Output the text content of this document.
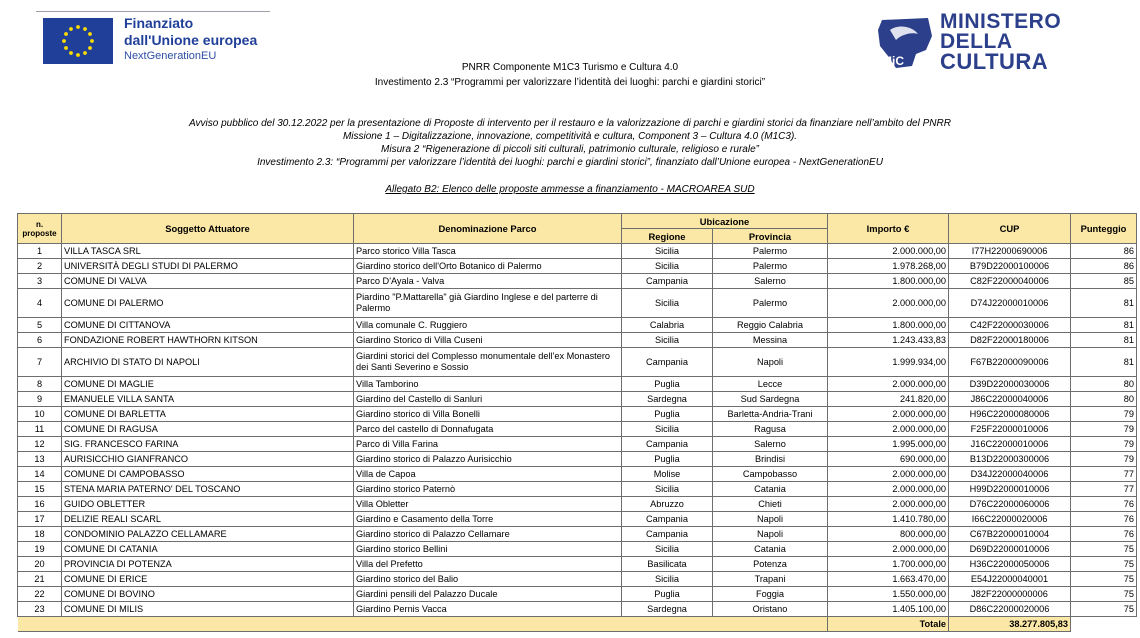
Finanziato
dall'Unione europea
NextGenerationEU	MiC
MINISTERO
DELLA
CULTURA
PNRR Componente M1C3 Turismo e Cultura 4.0
Investimento 2.3 “Programmi per valorizzare l’identità dei luoghi: parchi e giardini storici”
Avviso pubblico del 30.12.2022 per la presentazione di Proposte di intervento per il restauro e la valorizzazione di parchi e giardini storici da finanziare nell’ambito del PNRR
Missione 1 – Digitalizzazione, innovazione, competitività e cultura, Component 3 – Cultura 4.0 (M1C3).
Misura 2 “Rigenerazione di piccoli siti culturali, patrimonio culturale, religioso e rurale”
Investimento 2.3: “Programmi per valorizzare l’identità dei luoghi: parchi e giardini storici”, finanziato dall’Unione europea - NextGenerationEU
Allegato B2: Elenco delle proposte ammesse a finanziamento - MACROAREA SUD
n. proposte	Soggetto Attuatore	Denominazione Parco	Ubicazione		Importo €	CUP	Punteggio
			Regione	Provincia			
1	VILLA TASCA SRL	Parco storico Villa Tasca	Sicilia	Palermo	2.000.000,00	I77H22000690006	86
2	UNIVERSITÀ DEGLI STUDI DI PALERMO	Giardino storico dell'Orto Botanico di Palermo	Sicilia	Palermo	1.978.268,00	B79D22000100006	86
3	COMUNE DI VALVA	Parco D'Ayala - Valva	Campania	Salerno	1.800.000,00	C82F22000040006	85
4	COMUNE DI PALERMO	Piardino "P.Mattarella" già Giardino Inglese e del parterre di Palermo	Sicilia	Palermo	2.000.000,00	D74J22000010006	81
5	COMUNE DI CITTANOVA	Villa comunale C. Ruggiero	Calabria	Reggio Calabria	1.800.000,00	C42F22000030006	81
6	FONDAZIONE ROBERT HAWTHORN KITSON	Giardino Storico di Villa Cuseni	Sicilia	Messina	1.243.433,83	D82F22000180006	81
7	ARCHIVIO DI STATO DI NAPOLI	Giardini storici del Complesso monumentale dell'ex Monastero dei Santi Severino e Sossio	Campania	Napoli	1.999.934,00	F67B22000090006	81
8	COMUNE DI MAGLIE	Villa Tamborino	Puglia	Lecce	2.000.000,00	D39D22000030006	80
9	EMANUELE VILLA SANTA	Giardino del Castello di Sanluri	Sardegna	Sud Sardegna	241.820,00	J86C22000040006	80
10	COMUNE DI BARLETTA	Giardino storico di Villa Bonelli	Puglia	Barletta-Andria-Trani	2.000.000,00	H96C22000080006	79
11	COMUNE DI RAGUSA	Parco del castello di Donnafugata	Sicilia	Ragusa	2.000.000,00	F25F22000010006	79
12	SIG. FRANCESCO FARINA	Parco di Villa Farina	Campania	Salerno	1.995.000,00	J16C22000010006	79
13	AURISICCHIO GIANFRANCO	Giardino storico di Palazzo Aurisicchio	Puglia	Brindisi	690.000,00	B13D22000300006	79
14	COMUNE DI CAMPOBASSO	Villa de Capoa	Molise	Campobasso	2.000.000,00	D34J22000040006	77
15	STENA MARIA PATERNO' DEL TOSCANO	Giardino storico Paternò	Sicilia	Catania	2.000.000,00	H99D22000010006	77
16	GUIDO OBLETTER	Villa Obletter	Abruzzo	Chieti	2.000.000,00	D76C22000060006	76
17	DELIZIE REALI SCARL	Giardino e Casamento della Torre	Campania	Napoli	1.410.780,00	I66C22000020006	76
18	CONDOMINIO PALAZZO CELLAMARE	Giardino storico di Palazzo Cellamare	Campania	Napoli	800.000,00	C67B22000010004	76
19	COMUNE DI CATANIA	Giardino storico Bellini	Sicilia	Catania	2.000.000,00	D69D22000010006	75
20	PROVINCIA DI POTENZA	Villa del Prefetto	Basilicata	Potenza	1.700.000,00	H36C22000050006	75
21	COMUNE DI ERICE	Giardino storico del Balio	Sicilia	Trapani	1.663.470,00	E54J22000040001	75
22	COMUNE DI BOVINO	Giardini pensili del Palazzo Ducale	Puglia	Foggia	1.550.000,00	J82F22000000006	75
23	COMUNE DI MILIS	Giardino Pernis Vacca	Sardegna	Oristano	1.405.100,00	D86C22000020006	75
					Totale	38.277.805,83	
